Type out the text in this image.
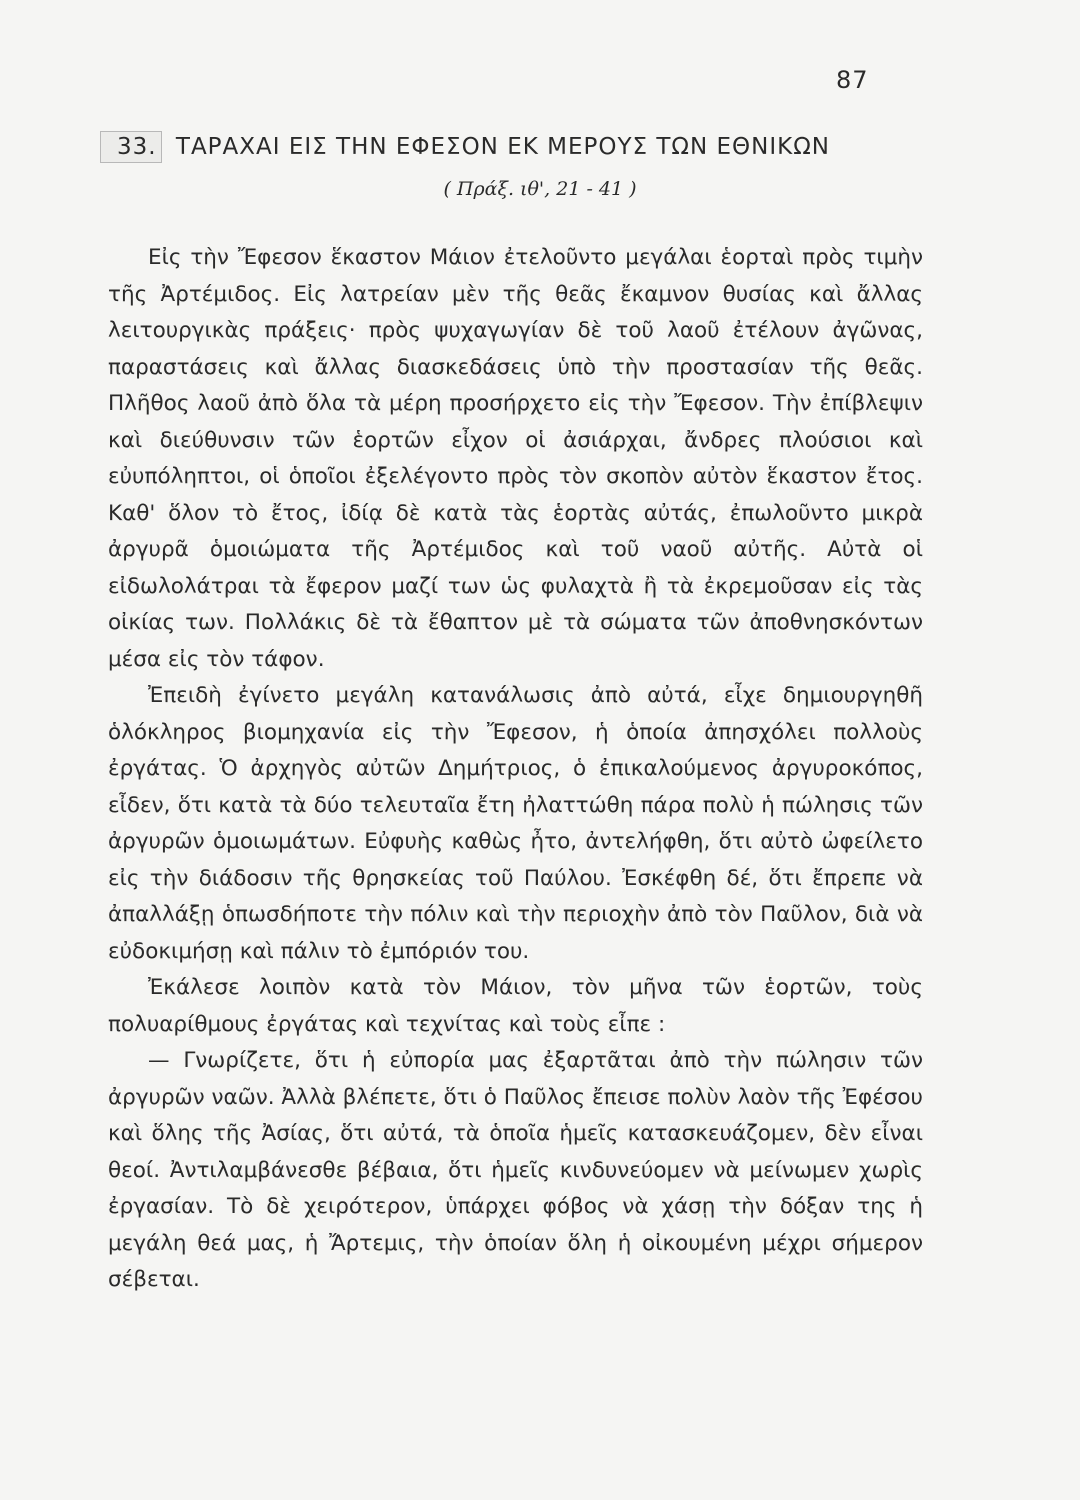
87
33. ΤΑΡΑΧΑΙ ΕΙΣ ΤΗΝ ΕΦΕΣΟΝ ΕΚ ΜΕΡΟΥΣ ΤΩΝ ΕΘΝΙΚΩΝ
( Πράξ. ιθ', 21 - 41 )

Εἰς τὴν Ἔφεσον ἕκαστον Μάιον ἐτελοῦντο μεγάλαι ἑορταὶ πρὸς τιμὴν τῆς Ἀρτέμιδος. Εἰς λατρείαν μὲν τῆς θεᾶς ἔκαμνον θυσίας καὶ ἄλλας λειτουργικὰς πράξεις· πρὸς ψυχαγωγίαν δὲ τοῦ λαοῦ ἐτέλουν ἀγῶνας, παραστάσεις καὶ ἄλλας διασκεδάσεις ὑπὸ τὴν προστασίαν τῆς θεᾶς. Πλῆθος λαοῦ ἀπὸ ὅλα τὰ μέρη προσήρχετο εἰς τὴν Ἔφεσον. Τὴν ἐπίβλεψιν καὶ διεύθυνσιν τῶν ἑορτῶν εἶχον οἱ ἀσιάρχαι, ἄνδρες πλούσιοι καὶ εὐυπόληπτοι, οἱ ὁποῖοι ἐξελέγοντο πρὸς τὸν σκοπὸν αὐτὸν ἕκαστον ἔτος. Καθ' ὅλον τὸ ἔτος, ἰδίᾳ δὲ κατὰ τὰς ἑορτὰς αὐτάς, ἐπωλοῦντο μικρὰ ἀργυρᾶ ὁμοιώματα τῆς Ἀρτέμιδος καὶ τοῦ ναοῦ αὐτῆς. Αὐτὰ οἱ εἰδωλολάτραι τὰ ἔφερον μαζί των ὡς φυλαχτὰ ἢ τὰ ἐκρεμοῦσαν εἰς τὰς οἰκίας των. Πολλάκις δὲ τὰ ἔθαπτον μὲ τὰ σώματα τῶν ἀποθνησκόντων μέσα εἰς τὸν τάφον.

Ἐπειδὴ ἐγίνετο μεγάλη κατανάλωσις ἀπὸ αὐτά, εἶχε δημιουργηθῆ ὁλόκληρος βιομηχανία εἰς τὴν Ἔφεσον, ἡ ὁποία ἀπησχόλει πολλοὺς ἐργάτας. Ὁ ἀρχηγὸς αὐτῶν Δημήτριος, ὁ ἐπικαλούμενος ἀργυροκόπος, εἶδεν, ὅτι κατὰ τὰ δύο τελευταῖα ἔτη ἠλαττώθη πάρα πολὺ ἡ πώλησις τῶν ἀργυρῶν ὁμοιωμάτων. Εὐφυὴς καθὼς ἦτο, ἀντελήφθη, ὅτι αὐτὸ ὠφείλετο εἰς τὴν διάδοσιν τῆς θρησκείας τοῦ Παύλου. Ἐσκέφθη δέ, ὅτι ἔπρεπε νὰ ἀπαλλάξῃ ὁπωσδήποτε τὴν πόλιν καὶ τὴν περιοχὴν ἀπὸ τὸν Παῦλον, διὰ νὰ εὐδοκιμήσῃ καὶ πάλιν τὸ ἐμπόριόν του.

Ἐκάλεσε λοιπὸν κατὰ τὸν Μάιον, τὸν μῆνα τῶν ἑορτῶν, τοὺς πολυαρίθμους ἐργάτας καὶ τεχνίτας καὶ τοὺς εἶπε :

— Γνωρίζετε, ὅτι ἡ εὐπορία μας ἐξαρτᾶται ἀπὸ τὴν πώλησιν τῶν ἀργυρῶν ναῶν. Ἀλλὰ βλέπετε, ὅτι ὁ Παῦλος ἔπεισε πολὺν λαὸν τῆς Ἐφέσου καὶ ὅλης τῆς Ἀσίας, ὅτι αὐτά, τὰ ὁποῖα ἡμεῖς κατασκευάζομεν, δὲν εἶναι θεοί. Ἀντιλαμβάνεσθε βέβαια, ὅτι ἡμεῖς κινδυνεύομεν νὰ μείνωμεν χωρὶς ἐργασίαν. Τὸ δὲ χειρότερον, ὑπάρχει φόβος νὰ χάσῃ τὴν δόξαν της ἡ μεγάλη θεά μας, ἡ Ἄρτεμις, τὴν ὁποίαν ὅλη ἡ οἰκουμένη μέχρι σήμερον σέβεται.
